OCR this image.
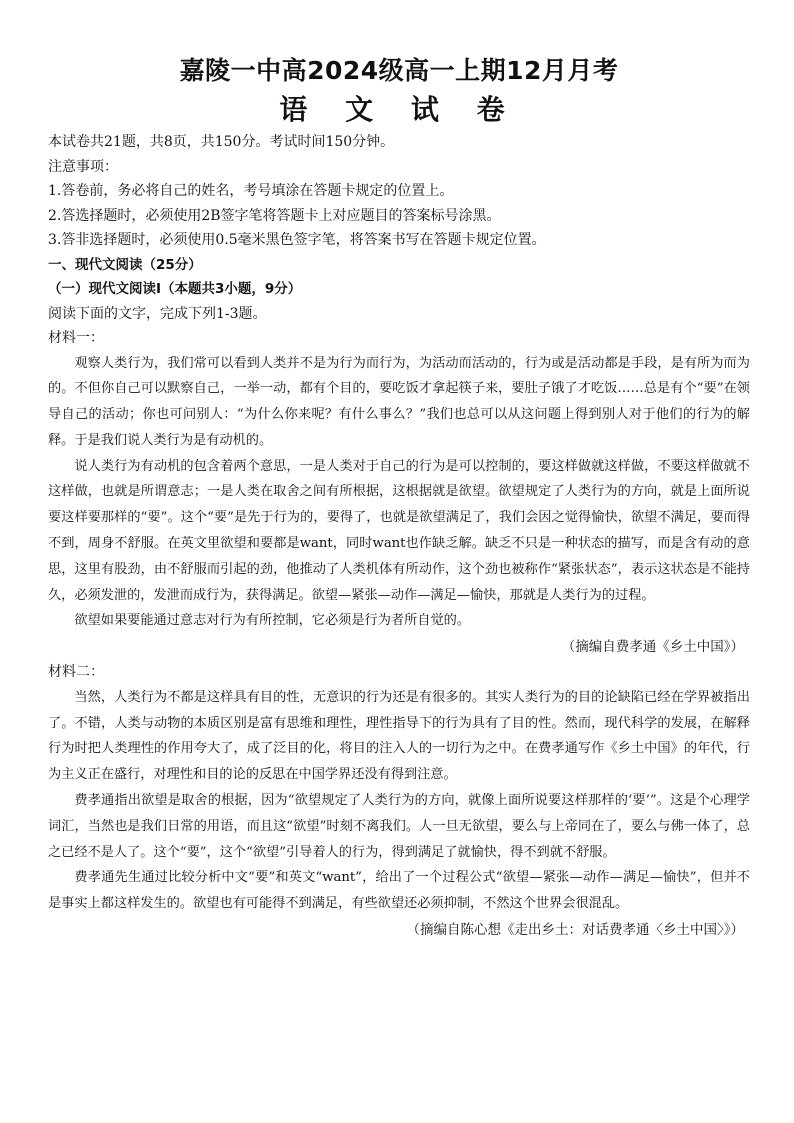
嘉陵一中高2024级高一上期12月月考
语 文 试 卷

本试卷共21题，共8页，共150分。考试时间150分钟。

注意事项：

1.答卷前，务必将自己的姓名，考号填涂在答题卡规定的位置上。

2.答选择题时，必须使用2B签字笔将答题卡上对应题目的答案标号涂黑。

3.答非选择题时，必须使用0.5毫米黑色签字笔，将答案书写在答题卡规定位置。

一、现代文阅读（25分）

（一）现代文阅读Ⅰ（本题共3小题，9分）

阅读下面的文字，完成下列1-3题。

材料一：

观察人类行为，我们常可以看到人类并不是为行为而行为，为活动而活动的，行为或是活动都是手段，是有所为而为的。不但你自己可以默察自己，一举一动，都有个目的，要吃饭才拿起筷子来，要肚子饿了才吃饭……总是有个“要”在领导自己的活动；你也可问别人：“为什么你来呢？有什么事么？”我们也总可以从这问题上得到别人对于他们的行为的解释。于是我们说人类行为是有动机的。

说人类行为有动机的包含着两个意思，一是人类对于自己的行为是可以控制的，要这样做就这样做，不要这样做就不这样做，也就是所谓意志；一是人类在取舍之间有所根据，这根据就是欲望。欲望规定了人类行为的方向，就是上面所说要这样要那样的“要”。这个“要”是先于行为的，要得了，也就是欲望满足了，我们会因之觉得愉快，欲望不满足，要而得不到，周身不舒服。在英文里欲望和要都是want，同时want也作缺乏解。缺乏不只是一种状态的描写，而是含有动的意思，这里有股劲，由不舒服而引起的劲，他推动了人类机体有所动作，这个劲也被称作“紧张状态”，表示这状态是不能持久，必须发泄的，发泄而成行为，获得满足。欲望—紧张—动作—满足—愉快，那就是人类行为的过程。

欲望如果要能通过意志对行为有所控制，它必须是行为者所自觉的。

（摘编自费孝通《乡土中国》）

材料二：

当然，人类行为不都是这样具有目的性，无意识的行为还是有很多的。其实人类行为的目的论缺陷已经在学界被指出了。不错，人类与动物的本质区别是富有思维和理性，理性指导下的行为具有了目的性。然而，现代科学的发展，在解释行为时把人类理性的作用夸大了，成了泛目的化，将目的注入人的一切行为之中。在费孝通写作《乡土中国》的年代，行为主义正在盛行，对理性和目的论的反思在中国学界还没有得到注意。

费孝通指出欲望是取舍的根据，因为“欲望规定了人类行为的方向，就像上面所说要这样那样的‘要’”。这是个心理学词汇，当然也是我们日常的用语，而且这“欲望”时刻不离我们。人一旦无欲望，要么与上帝同在了，要么与佛一体了，总之已经不是人了。这个“要”，这个“欲望”引导着人的行为，得到满足了就愉快，得不到就不舒服。

费孝通先生通过比较分析中文“要”和英文“want”，给出了一个过程公式“欲望—紧张—动作—满足—愉快”，但并不是事实上都这样发生的。欲望也有可能得不到满足，有些欲望还必须抑制，不然这个世界会很混乱。

（摘编自陈心想《走出乡土：对话费孝通〈乡土中国〉》）
